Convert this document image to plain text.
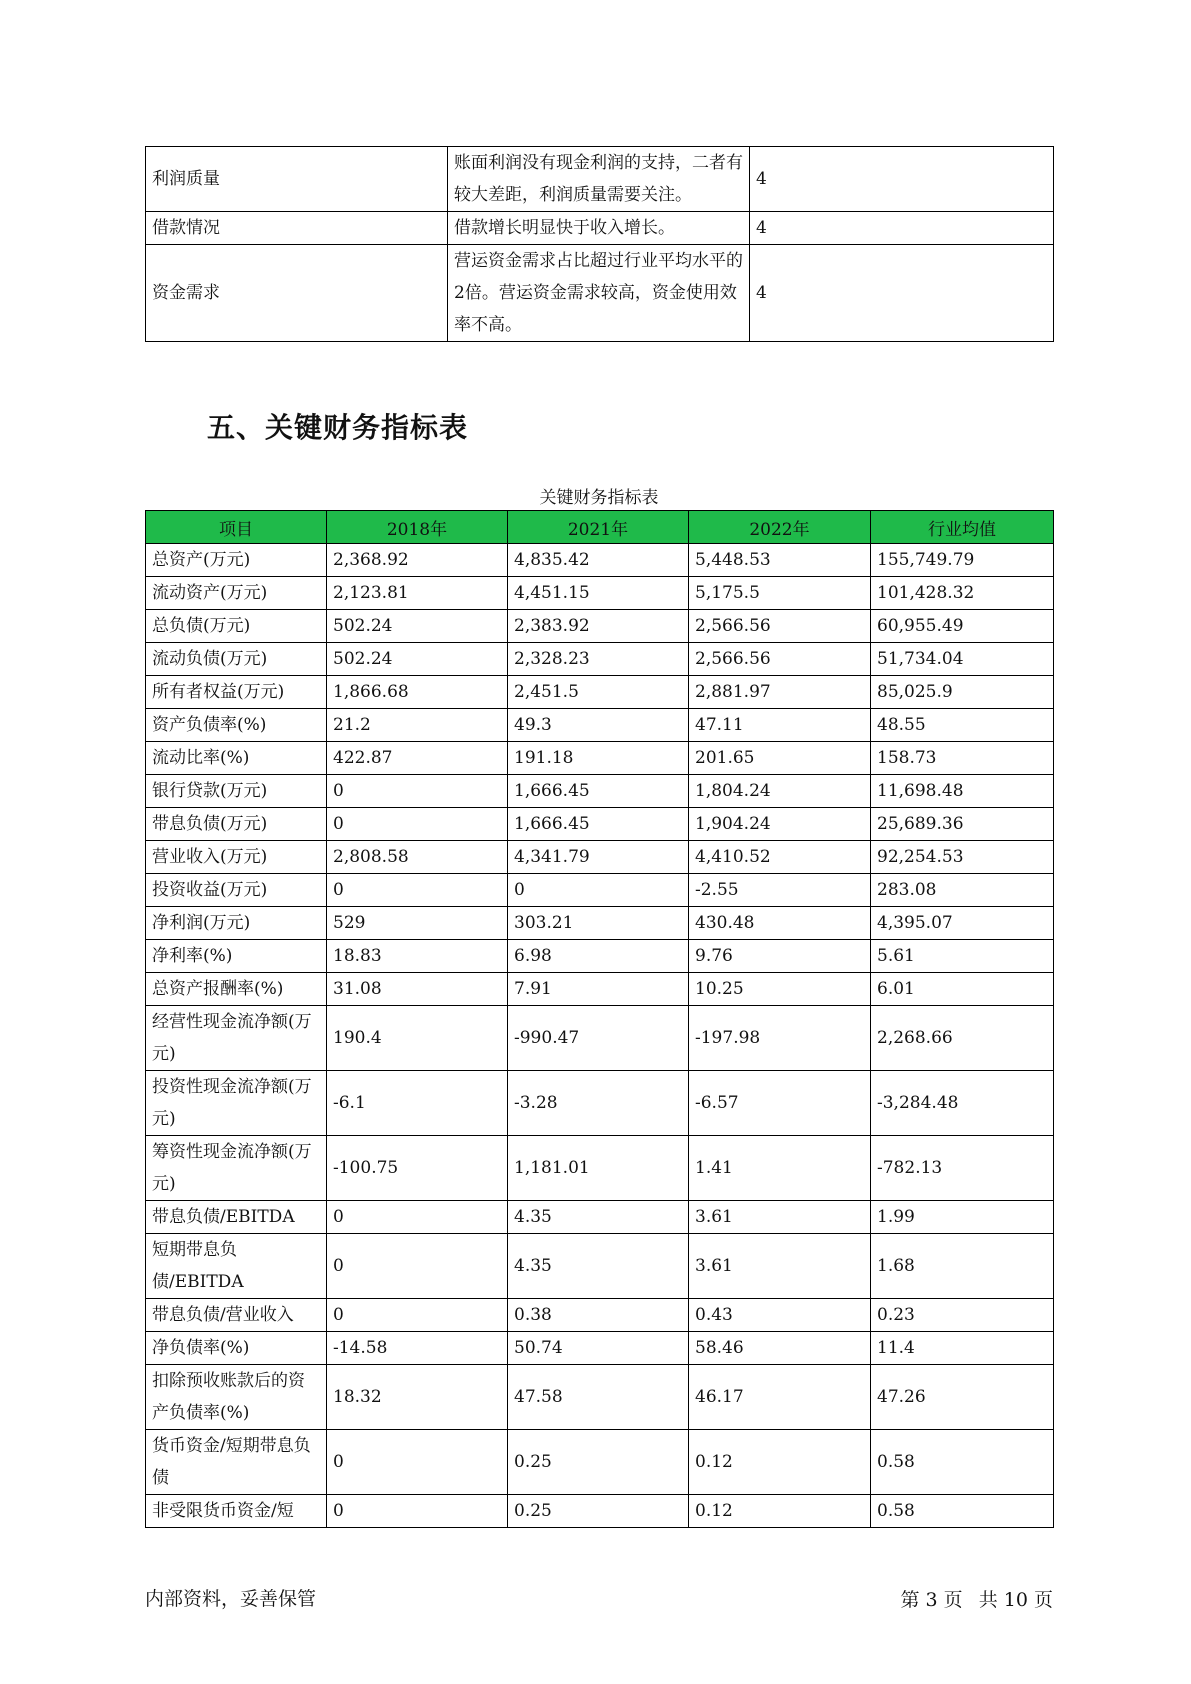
利润质量	账面利润没有现金利润的支持，二者有较大差距，利润质量需要关注。	4
借款情况	借款增长明显快于收入增长。	4
资金需求	营运资金需求占比超过行业平均水平的2倍。营运资金需求较高，资金使用效率不高。	4
五、关键财务指标表
关键财务指标表
项目	2018年	2021年	2022年	行业均值
总资产(万元)	2,368.92	4,835.42	5,448.53	155,749.79
流动资产(万元)	2,123.81	4,451.15	5,175.5	101,428.32
总负债(万元)	502.24	2,383.92	2,566.56	60,955.49
流动负债(万元)	502.24	2,328.23	2,566.56	51,734.04
所有者权益(万元)	1,866.68	2,451.5	2,881.97	85,025.9
资产负债率(%)	21.2	49.3	47.11	48.55
流动比率(%)	422.87	191.18	201.65	158.73
银行贷款(万元)	0	1,666.45	1,804.24	11,698.48
带息负债(万元)	0	1,666.45	1,904.24	25,689.36
营业收入(万元)	2,808.58	4,341.79	4,410.52	92,254.53
投资收益(万元)	0	0	-2.55	283.08
净利润(万元)	529	303.21	430.48	4,395.07
净利率(%)	18.83	6.98	9.76	5.61
总资产报酬率(%)	31.08	7.91	10.25	6.01
经营性现金流净额(万元)	190.4	-990.47	-197.98	2,268.66
投资性现金流净额(万元)	-6.1	-3.28	-6.57	-3,284.48
筹资性现金流净额(万元)	-100.75	1,181.01	1.41	-782.13
带息负债/EBITDA	0	4.35	3.61	1.99
短期带息负债/EBITDA	0	4.35	3.61	1.68
带息负债/营业收入	0	0.38	0.43	0.23
净负债率(%)	-14.58	50.74	58.46	11.4
扣除预收账款后的资产负债率(%)	18.32	47.58	46.17	47.26
货币资金/短期带息负债	0	0.25	0.12	0.58
非受限货币资金/短	0	0.25	0.12	0.58
内部资料，妥善保管	第 3 页 共 10 页
